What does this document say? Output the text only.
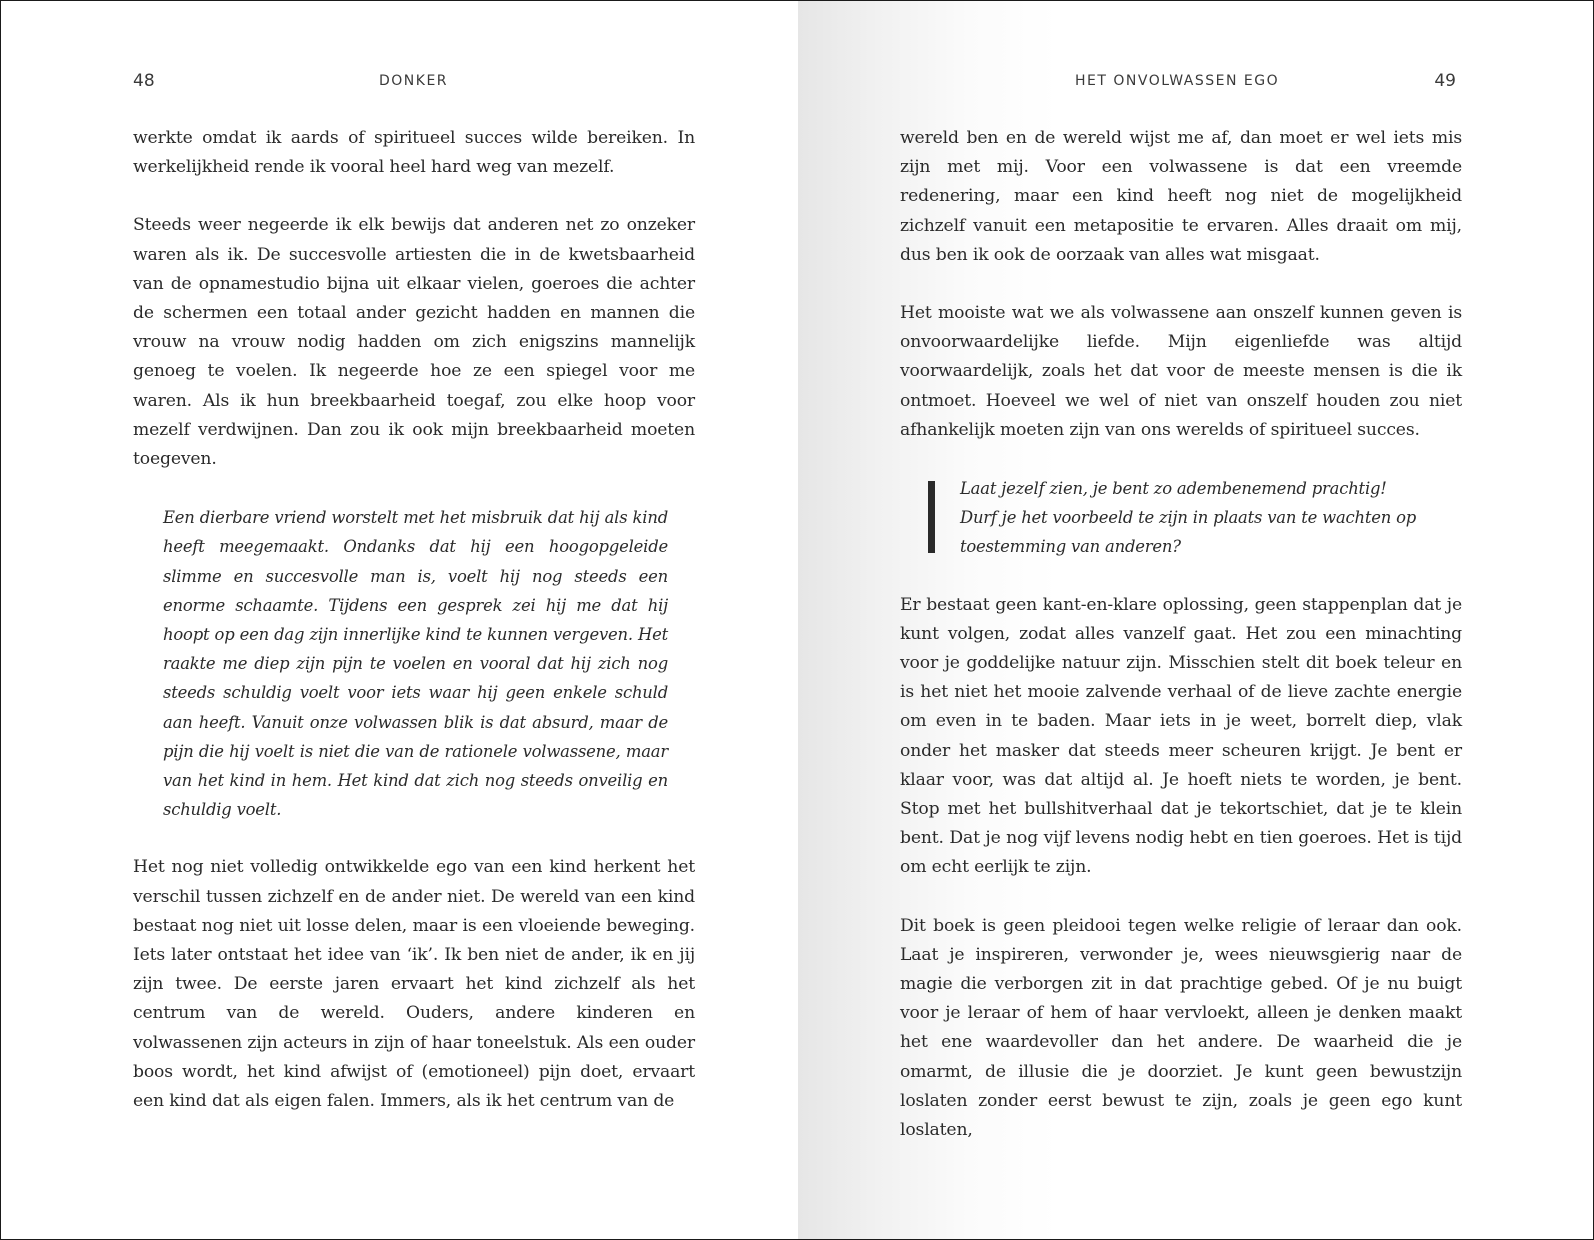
48	DONKER

werkte omdat ik aards of spiritueel succes wilde bereiken. In werkelijkheid rende ik vooral heel hard weg van mezelf.

Steeds weer negeerde ik elk bewijs dat anderen net zo onzeker waren als ik. De succesvolle artiesten die in de kwetsbaarheid van de opnamestudio bijna uit elkaar vielen, goeroes die achter de schermen een totaal ander gezicht hadden en mannen die vrouw na vrouw nodig hadden om zich enigszins mannelijk genoeg te voelen. Ik negeerde hoe ze een spiegel voor me waren. Als ik hun breekbaarheid toegaf, zou elke hoop voor mezelf verdwijnen. Dan zou ik ook mijn breekbaarheid moeten toegeven.

Een dierbare vriend worstelt met het misbruik dat hij als kind heeft meegemaakt. Ondanks dat hij een hoogopgeleide slimme en succesvolle man is, voelt hij nog steeds een enorme schaamte. Tijdens een gesprek zei hij me dat hij hoopt op een dag zijn innerlijke kind te kunnen vergeven. Het raakte me diep zijn pijn te voelen en vooral dat hij zich nog steeds schuldig voelt voor iets waar hij geen enkele schuld aan heeft. Vanuit onze volwassen blik is dat absurd, maar de pijn die hij voelt is niet die van de rationele volwassene, maar van het kind in hem. Het kind dat zich nog steeds onveilig en schuldig voelt.

Het nog niet volledig ontwikkelde ego van een kind herkent het verschil tussen zichzelf en de ander niet. De wereld van een kind bestaat nog niet uit losse delen, maar is een vloeiende beweging. Iets later ontstaat het idee van ‘ik’. Ik ben niet de ander, ik en jij zijn twee. De eerste jaren ervaart het kind zichzelf als het centrum van de wereld. Ouders, andere kinderen en volwassenen zijn acteurs in zijn of haar toneelstuk. Als een ouder boos wordt, het kind afwijst of (emotioneel) pijn doet, ervaart een kind dat als eigen falen. Immers, als ik het centrum van de

HET ONVOLWASSEN EGO	49

wereld ben en de wereld wijst me af, dan moet er wel iets mis zijn met mij. Voor een volwassene is dat een vreemde redenering, maar een kind heeft nog niet de mogelijkheid zichzelf vanuit een metapositie te ervaren. Alles draait om mij, dus ben ik ook de oorzaak van alles wat misgaat.

Het mooiste wat we als volwassene aan onszelf kunnen geven is onvoorwaardelijke liefde. Mijn eigenliefde was altijd voorwaardelijk, zoals het dat voor de meeste mensen is die ik ontmoet. Hoeveel we wel of niet van onszelf houden zou niet afhankelijk moeten zijn van ons werelds of spiritueel succes.

Laat jezelf zien, je bent zo adembenemend prachtig!

Durf je het voorbeeld te zijn in plaats van te wachten op

toestemming van anderen?

Er bestaat geen kant-en-klare oplossing, geen stappenplan dat je kunt volgen, zodat alles vanzelf gaat. Het zou een minachting voor je goddelijke natuur zijn. Misschien stelt dit boek teleur en is het niet het mooie zalvende verhaal of de lieve zachte energie om even in te baden. Maar iets in je weet, borrelt diep, vlak onder het masker dat steeds meer scheuren krijgt. Je bent er klaar voor, was dat altijd al. Je hoeft niets te worden, je bent. Stop met het bullshitverhaal dat je tekortschiet, dat je te klein bent. Dat je nog vijf levens nodig hebt en tien goeroes. Het is tijd om echt eerlijk te zijn.

Dit boek is geen pleidooi tegen welke religie of leraar dan ook. Laat je inspireren, verwonder je, wees nieuwsgierig naar de magie die verborgen zit in dat prachtige gebed. Of je nu buigt voor je leraar of hem of haar vervloekt, alleen je denken maakt het ene waardevoller dan het andere. De waarheid die je omarmt, de illusie die je doorziet. Je kunt geen bewustzijn loslaten zonder eerst bewust te zijn, zoals je geen ego kunt loslaten,
